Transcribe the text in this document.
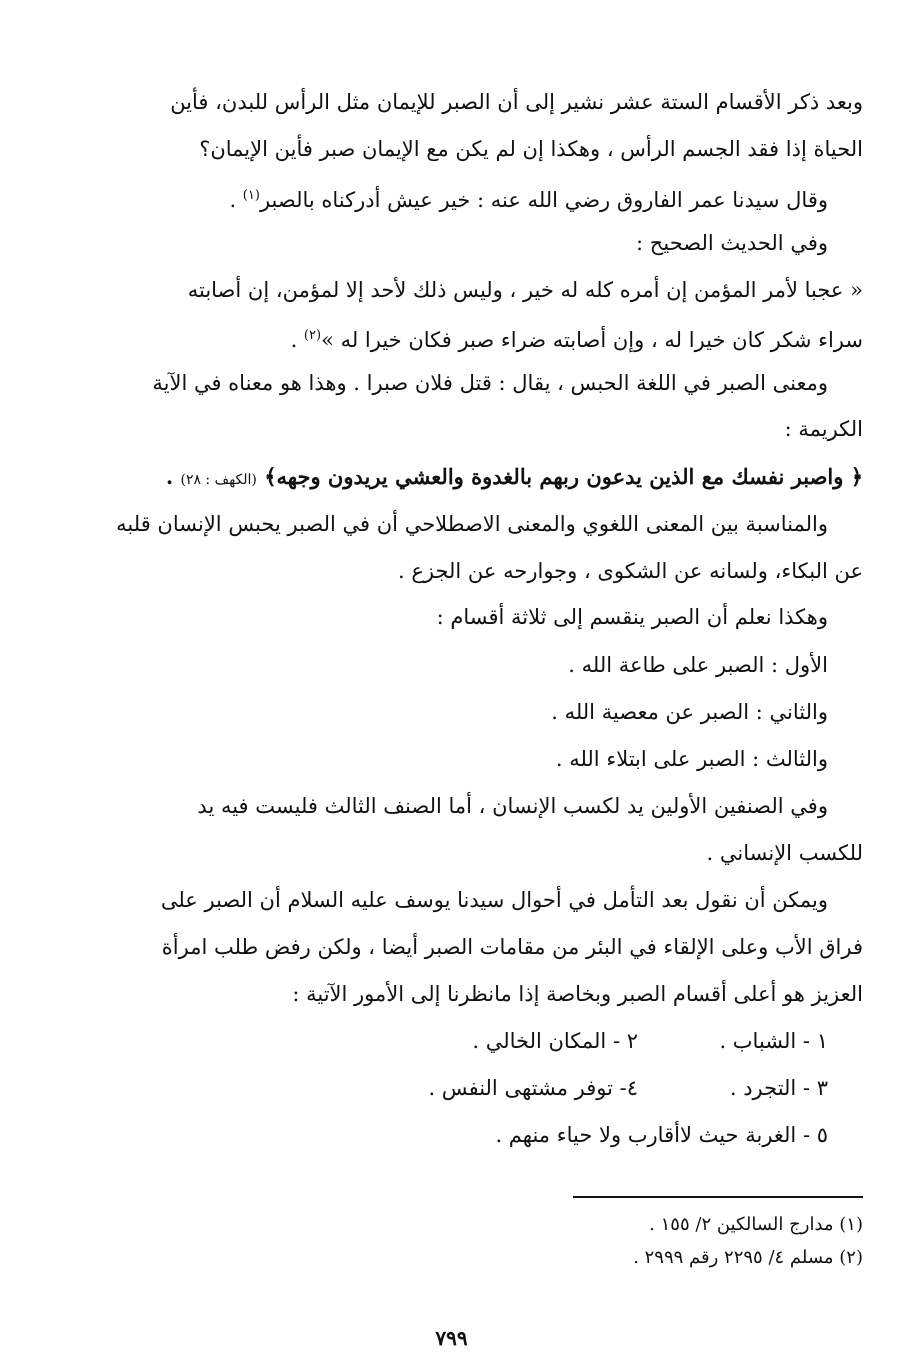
وبعد ذكر الأقسام الستة عشر نشير إلى أن الصبر للإيمان مثل الرأس للبدن، فأين
الحياة إذا فقد الجسم الرأس ، وهكذا إن لم يكن مع الإيمان صبر فأين الإيمان؟
وقال سيدنا عمر الفاروق رضي الله عنه : خير عيش أدركناه بالصبر$^{(١)}$ .
وفي الحديث الصحيح :
« عجبا لأمر المؤمن إن أمره كله له خير ، وليس ذلك لأحد إلا لمؤمن، إن أصابته
سراء شكر كان خيرا له ، وإن أصابته ضراء صبر فكان خيرا له »$^{(٢)}$ .
ومعنى الصبر في اللغة الحبس ، يقال : قتل فلان صبرا . وهذا هو معناه في الآية
الكريمة :
﴿ واصبر نفسك مع الذين يدعون ربهم بالغدوة والعشي يريدون وجهه﴾ (الكهف : ٢٨) .
والمناسبة بين المعنى اللغوي والمعنى الاصطلاحي أن في الصبر يحبس الإنسان قلبه
عن البكاء، ولسانه عن الشكوى ، وجوارحه عن الجزع .
وهكذا نعلم أن الصبر ينقسم إلى ثلاثة أقسام :
الأول : الصبر على طاعة الله .
والثاني : الصبر عن معصية الله .
والثالث : الصبر على ابتلاء الله .
وفي الصنفين الأولين يد لكسب الإنسان ، أما الصنف الثالث فليست فيه يد
للكسب الإنساني .
ويمكن أن نقول بعد التأمل في أحوال سيدنا يوسف عليه السلام أن الصبر على
فراق الأب وعلى الإلقاء في البئر من مقامات الصبر أيضا ، ولكن رفض طلب امرأة
العزيز هو أعلى أقسام الصبر وبخاصة إذا مانظرنا إلى الأمور الآتية :
١ - الشباب .
٢ - المكان الخالي .
٣ - التجرد .
٤- توفر مشتهى النفس .
٥ - الغربة حيث لاأقارب ولا حياء منهم .
(١) مدارج السالكين ٢/ ١٥٥ .
(٢) مسلم ٤/ ٢٢٩٥ رقم ٢٩٩٩ .
٧٩٩
